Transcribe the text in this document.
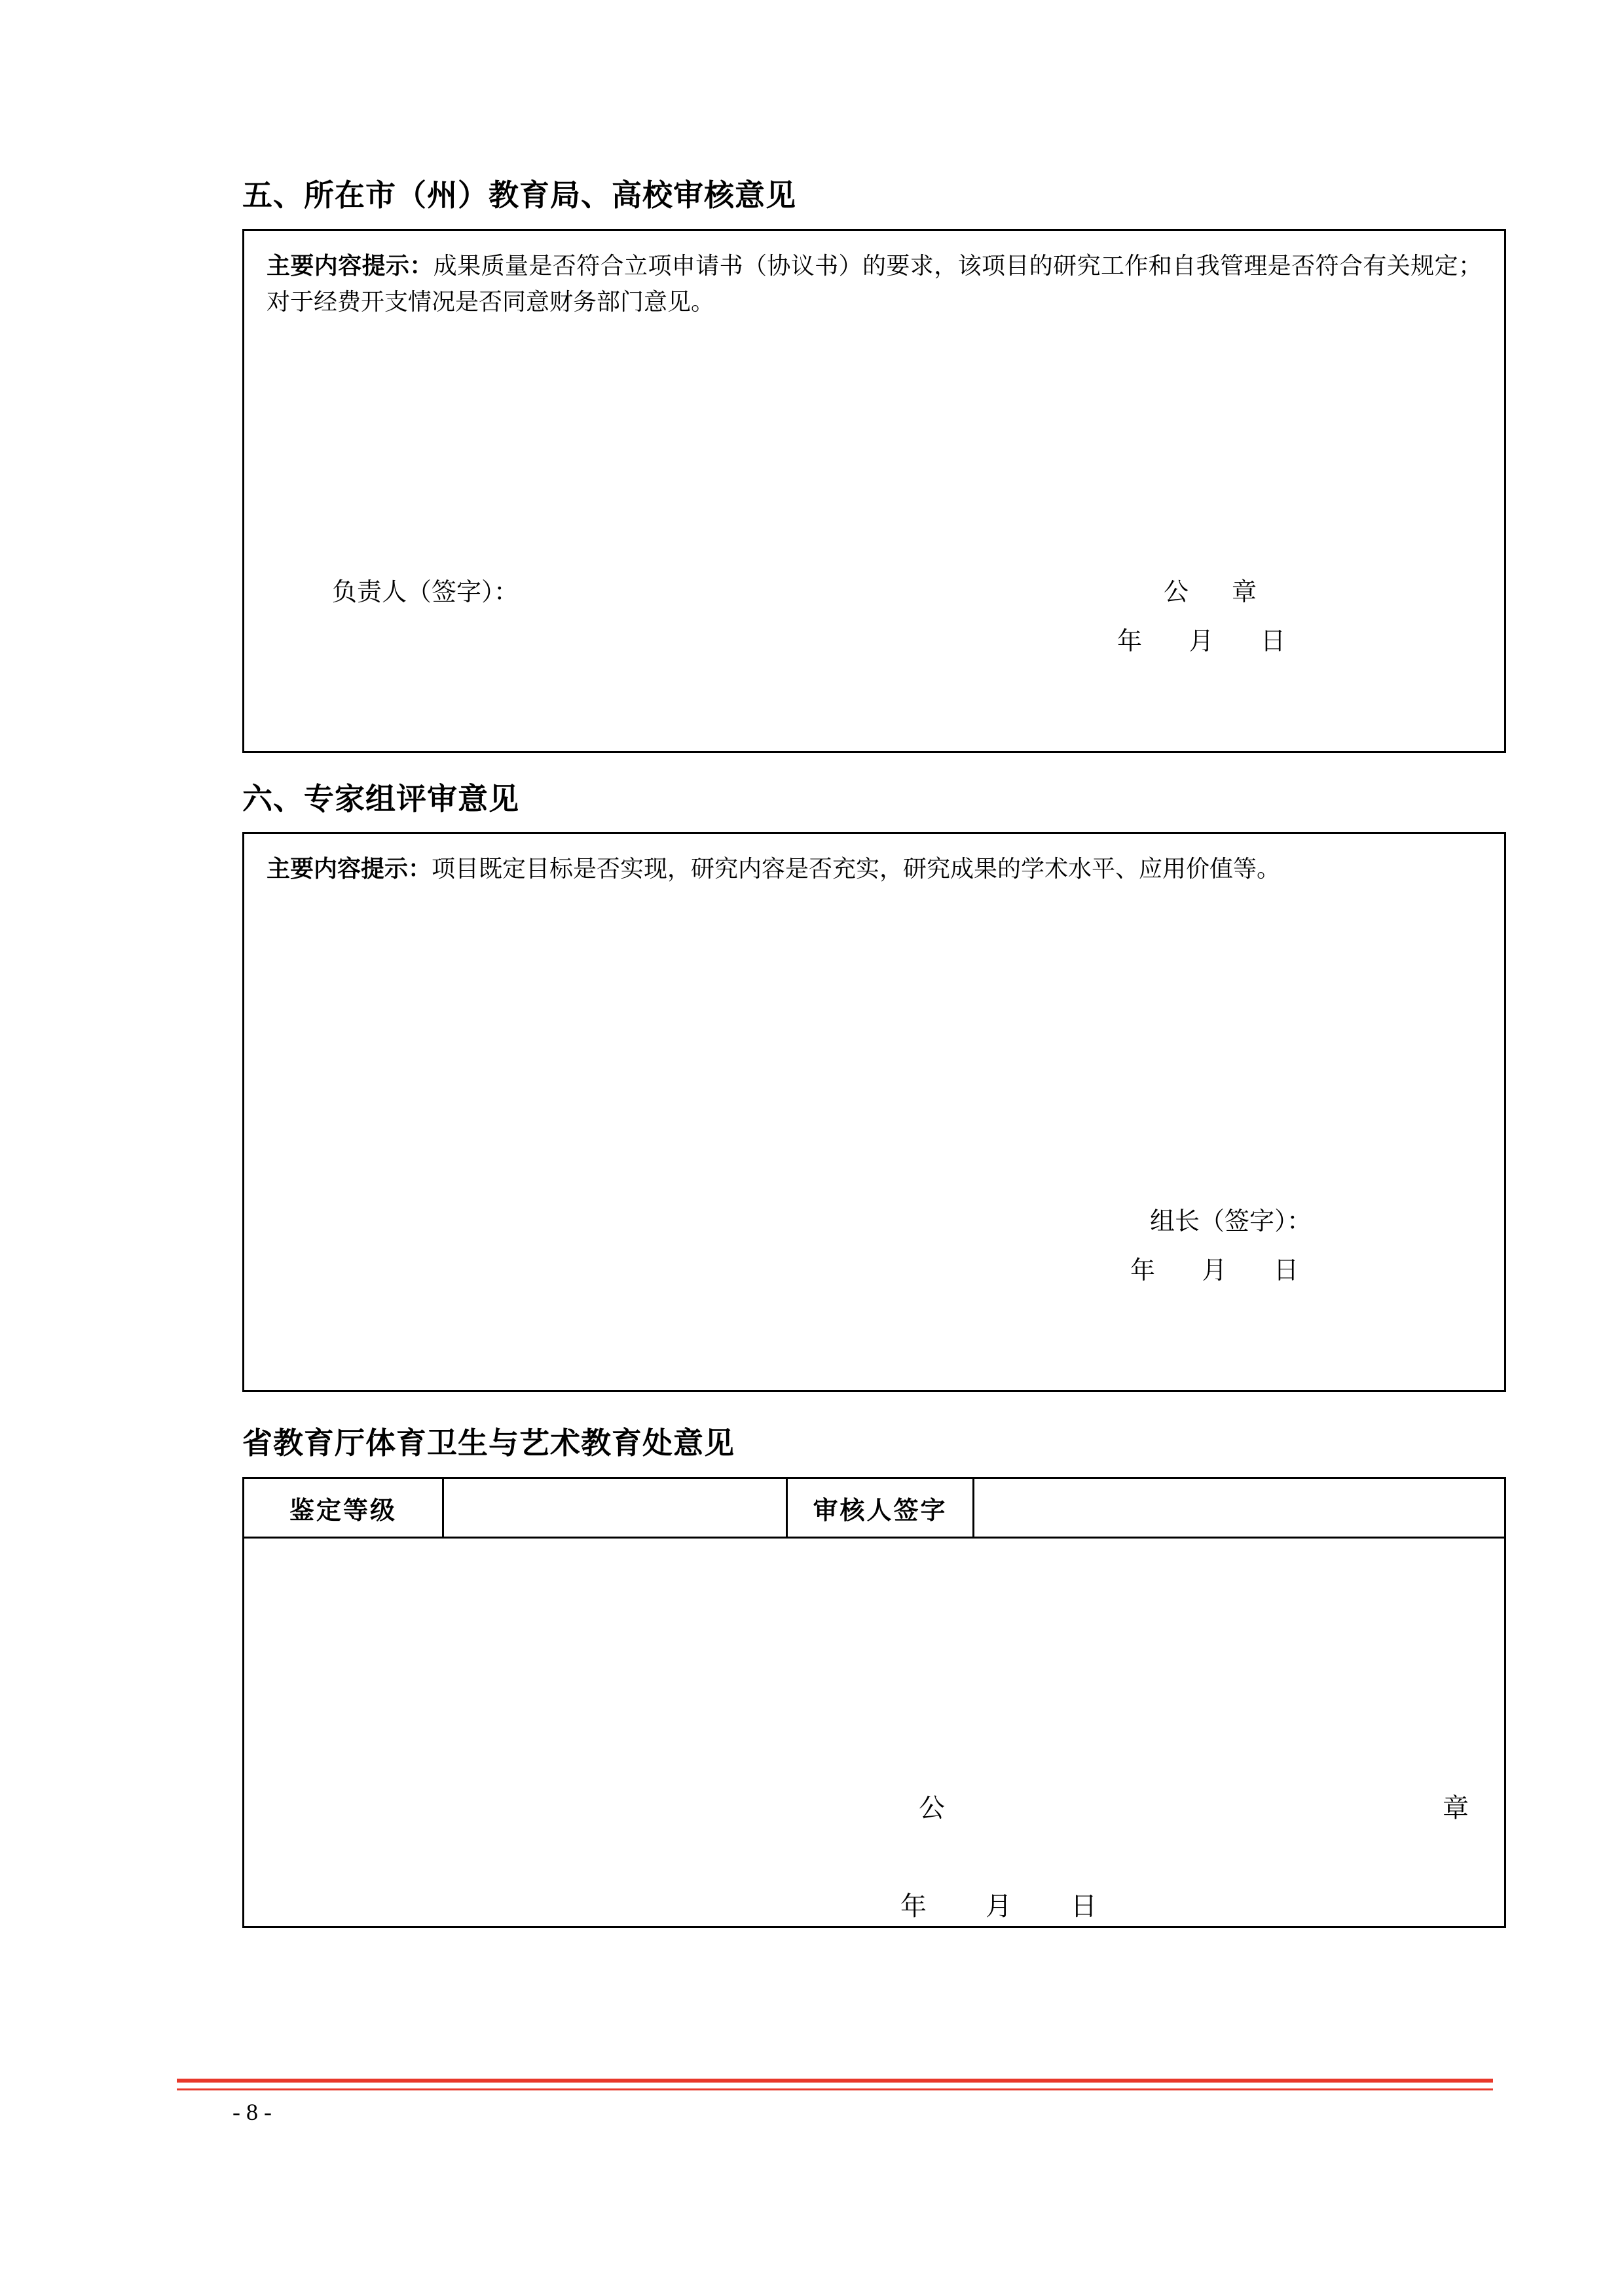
五、所在市（州）教育局、高校审核意见
主要内容提示：成果质量是否符合立项申请书（协议书）的要求，该项目的研究工作和自我管理是否符合有关规定；对于经费开支情况是否同意财务部门意见。
负责人（签字）：	公　章
年 月 日
六、专家组评审意见
主要内容提示：项目既定目标是否实现，研究内容是否充实，研究成果的学术水平、应用价值等。
组长（签字）：
年 月 日
省教育厅体育卫生与艺术教育处意见
鉴定等级		审核人签字	

公	章
年 月 日
- 8 -
